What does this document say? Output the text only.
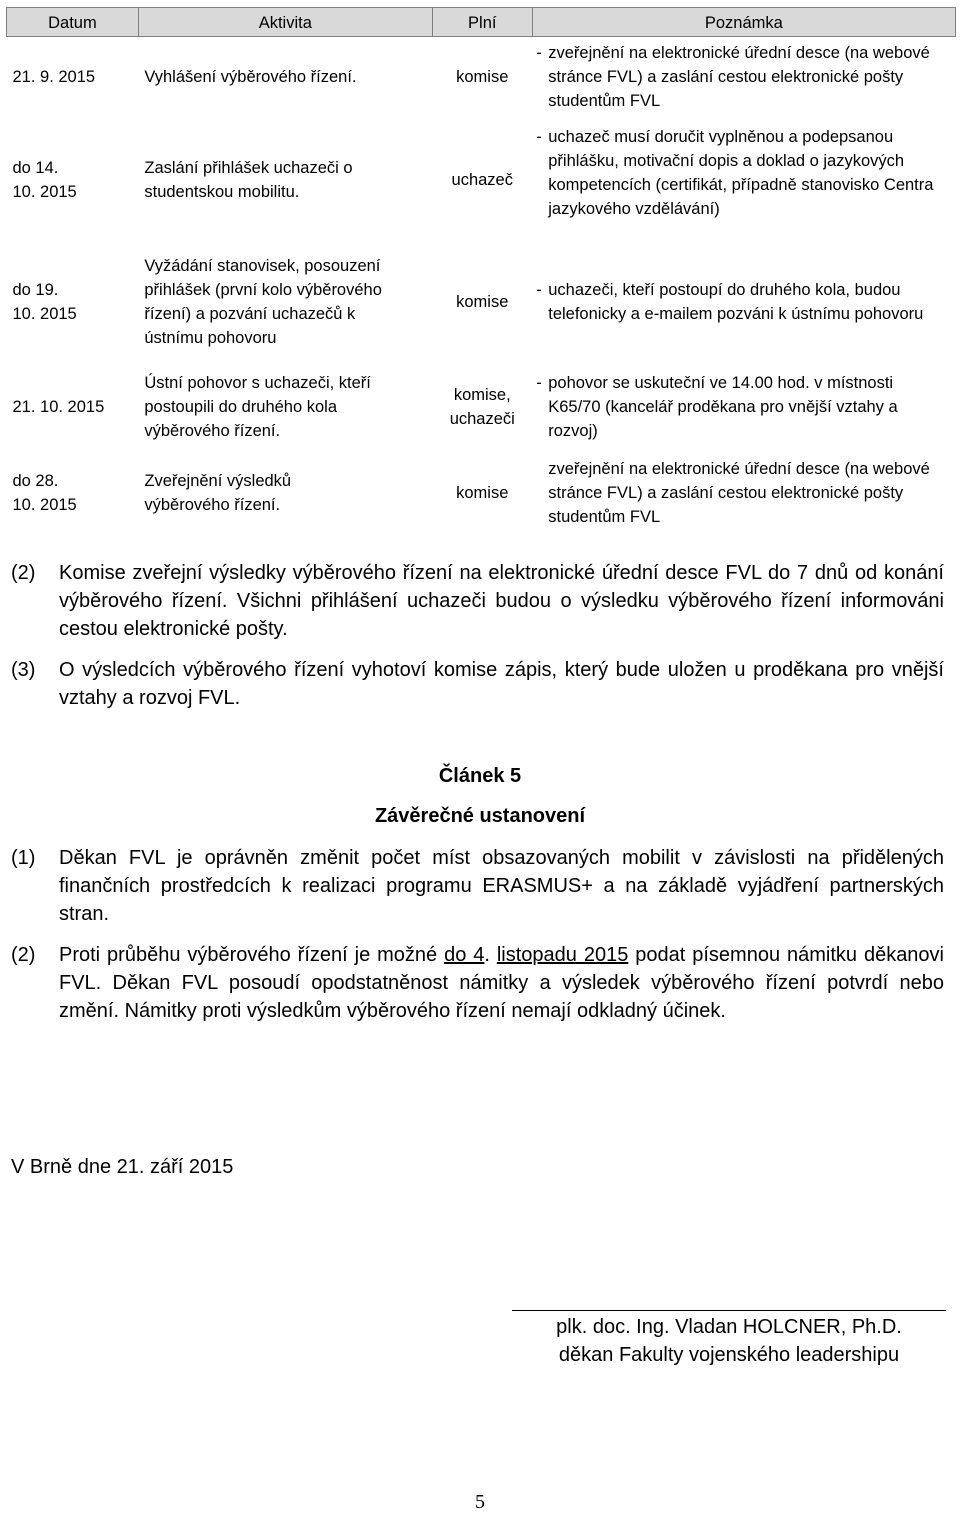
Datum	Aktivita	Plní	Poznámka
21. 9. 2015	Vyhlášení výběrového řízení.	komise	- zveřejnění na elektronické úřední desce (na webové stránce FVL) a zaslání cestou elektronické pošty studentům FVL

do 14. 10. 2015	Zaslání přihlášek uchazeči o studentskou mobilitu.	uchazeč	- uchazeč musí doručit vyplněnou a podepsanou přihlášku, motivační dopis a doklad o jazykových kompetencích (certifikát, případně stanovisko Centra jazykového vzdělávání)

do 19. 10. 2015	Vyžádání stanovisek, posouzení přihlášek (první kolo výběrového řízení) a pozvání uchazečů k ústnímu pohovoru	komise	- uchazeči, kteří postoupí do druhého kola, budou telefonicky a e-mailem pozváni k ústnímu pohovoru

21. 10. 2015	Ústní pohovor s uchazeči, kteří postoupili do druhého kola výběrového řízení.	komise, uchazeči	- pohovor se uskuteční ve 14.00 hod. v místnosti K65/70 (kancelář proděkana pro vnější vztahy a rozvoj)

do 28. 10. 2015	Zveřejnění výsledků výběrového řízení.	komise	zveřejnění na elektronické úřední desce (na webové stránce FVL) a zaslání cestou elektronické pošty studentům FVL
(2) Komise zveřejní výsledky výběrového řízení na elektronické úřední desce FVL do 7 dnů od konání výběrového řízení. Všichni přihlášení uchazeči budou o výsledku výběrového řízení informováni cestou elektronické pošty.
(3) O výsledcích výběrového řízení vyhotoví komise zápis, který bude uložen u proděkana pro vnější vztahy a rozvoj FVL.
Článek 5
Závěrečné ustanovení
(1) Děkan FVL je oprávněn změnit počet míst obsazovaných mobilit v závislosti na přidělených finančních prostředcích k realizaci programu ERASMUS+ a na základě vyjádření partnerských stran.
(2) Proti průběhu výběrového řízení je možné do 4. listopadu 2015 podat písemnou námitku děkanovi FVL. Děkan FVL posoudí opodstatněnost námitky a výsledek výběrového řízení potvrdí nebo změní. Námitky proti výsledkům výběrového řízení nemají odkladný účinek.
V Brně dne 21. září 2015
plk. doc. Ing. Vladan HOLCNER, Ph.D.
děkan Fakulty vojenského leadershipu
5
